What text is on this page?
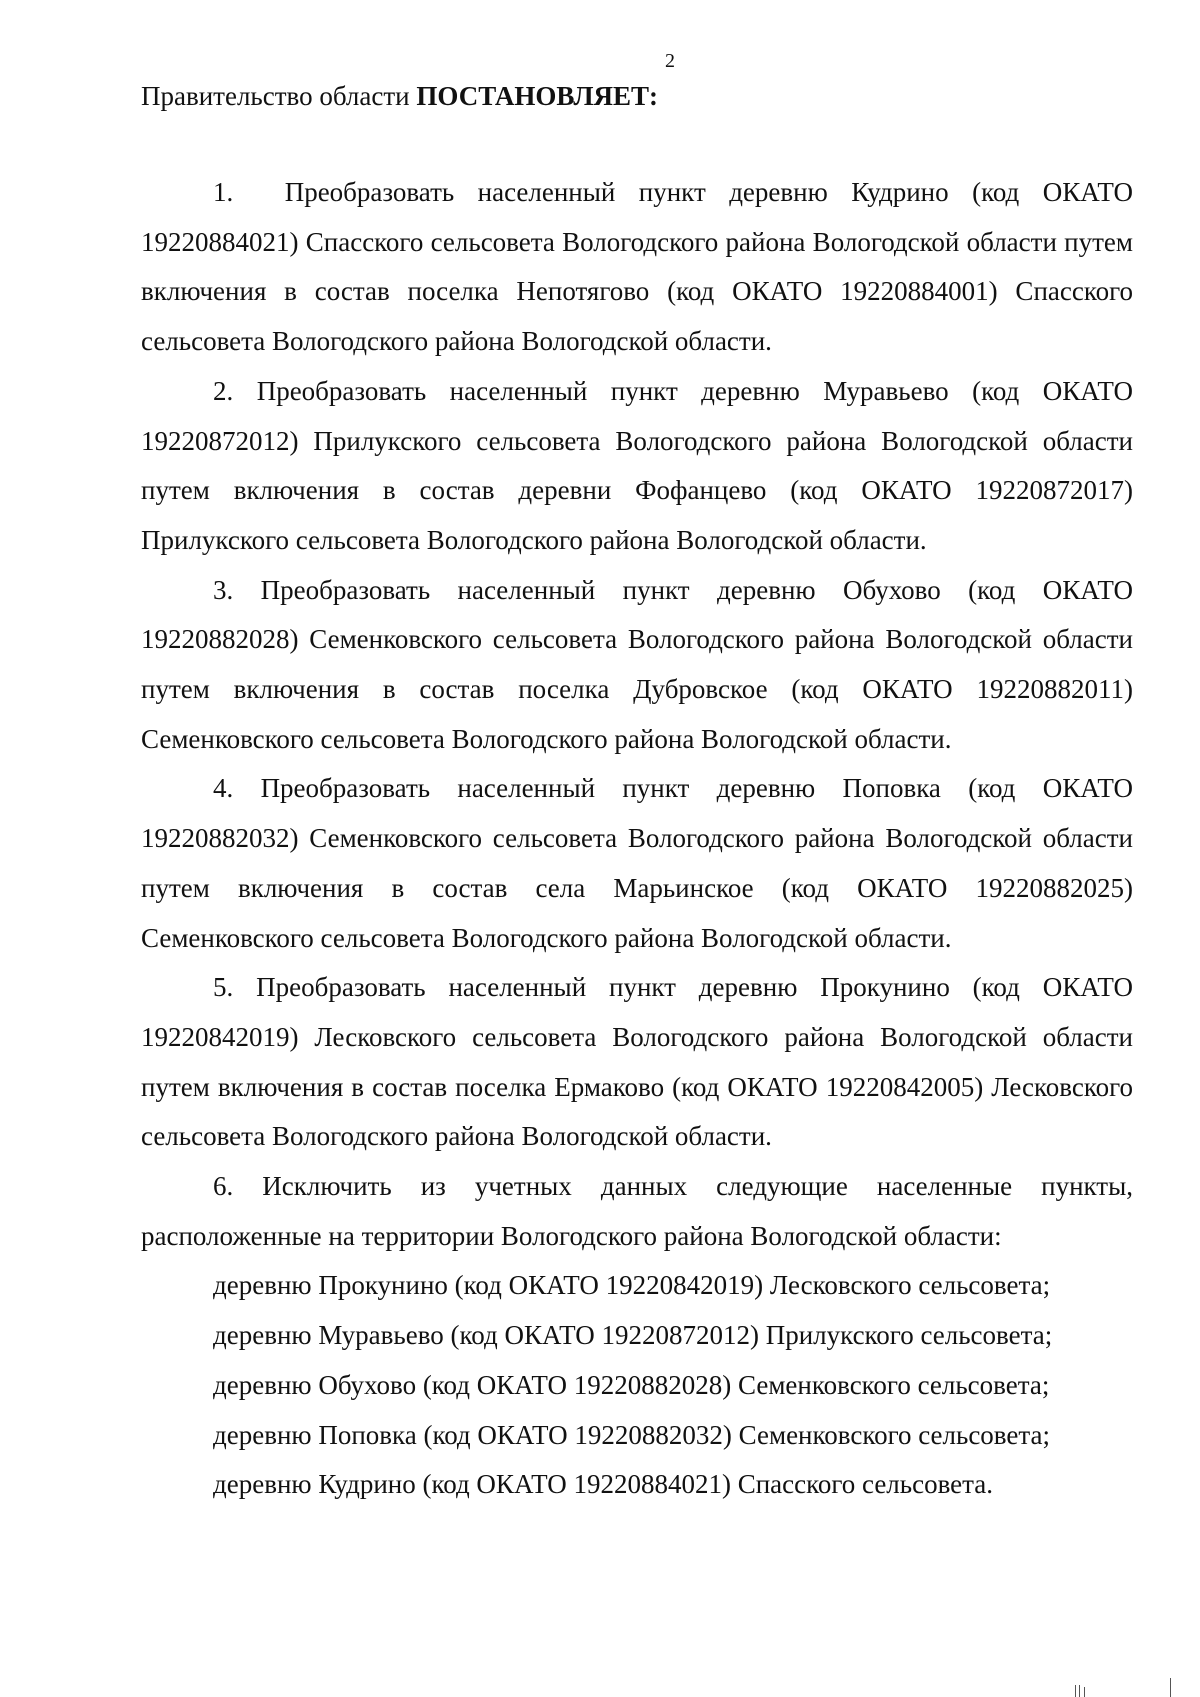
2
Правительство области ПОСТАНОВЛЯЕТ:

1. Преобразовать населенный пункт деревню Кудрино (код ОКАТО 19220884021) Спасского сельсовета Вологодского района Вологодской области путем включения в состав поселка Непотягово (код ОКАТО 19220884001) Спасского сельсовета Вологодского района Вологодской области.

2. Преобразовать населенный пункт деревню Муравьево (код ОКАТО 19220872012) Прилукского сельсовета Вологодского района Вологодской области путем включения в состав деревни Фофанцево (код ОКАТО 19220872017) Прилукского сельсовета Вологодского района Вологодской области.

3. Преобразовать населенный пункт деревню Обухово (код ОКАТО 19220882028) Семенковского сельсовета Вологодского района Вологодской области путем включения в состав поселка Дубровское (код ОКАТО 19220882011) Семенковского сельсовета Вологодского района Вологодской области.

4. Преобразовать населенный пункт деревню Поповка (код ОКАТО 19220882032) Семенковского сельсовета Вологодского района Вологодской области путем включения в состав села Марьинское (код ОКАТО 19220882025) Семенковского сельсовета Вологодского района Вологодской области.

5. Преобразовать населенный пункт деревню Прокунино (код ОКАТО 19220842019) Лесковского сельсовета Вологодского района Вологодской области путем включения в состав поселка Ермаково (код ОКАТО 19220842005) Лесковского сельсовета Вологодского района Вологодской области.

6. Исключить из учетных данных следующие населенные пункты, расположенные на территории Вологодского района Вологодской области:

деревню Прокунино (код ОКАТО 19220842019) Лесковского сельсовета;
деревню Муравьево (код ОКАТО 19220872012) Прилукского сельсовета;
деревню Обухово (код ОКАТО 19220882028) Семенковского сельсовета;
деревню Поповка (код ОКАТО 19220882032) Семенковского сельсовета;
деревню Кудрино (код ОКАТО 19220884021) Спасского сельсовета.
